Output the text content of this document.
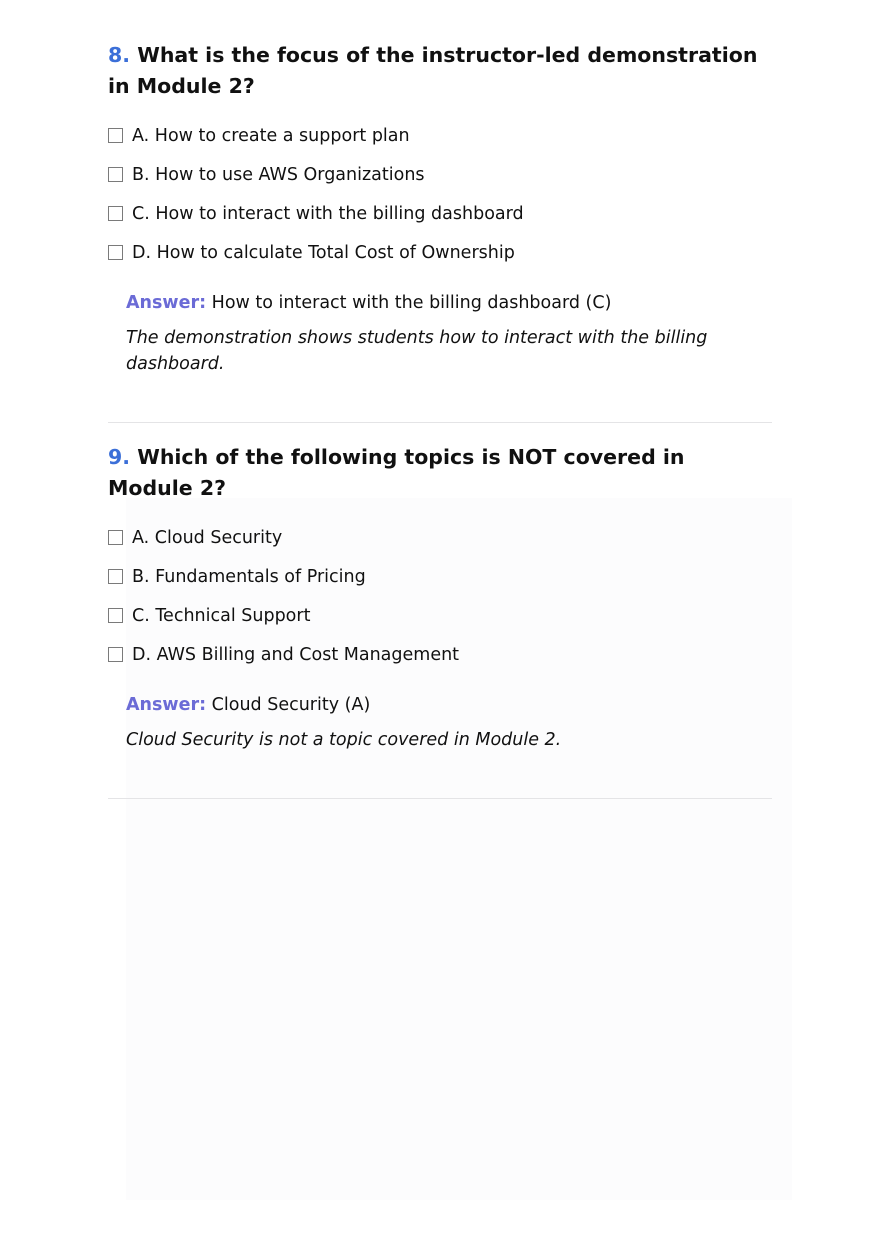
8. What is the focus of the instructor-led demonstration in Module 2?
A. How to create a support plan
B. How to use AWS Organizations
C. How to interact with the billing dashboard
D. How to calculate Total Cost of Ownership
Answer: How to interact with the billing dashboard (C)
The demonstration shows students how to interact with the billing dashboard.
9. Which of the following topics is NOT covered in Module 2?
A. Cloud Security
B. Fundamentals of Pricing
C. Technical Support
D. AWS Billing and Cost Management
Answer: Cloud Security (A)
Cloud Security is not a topic covered in Module 2.
